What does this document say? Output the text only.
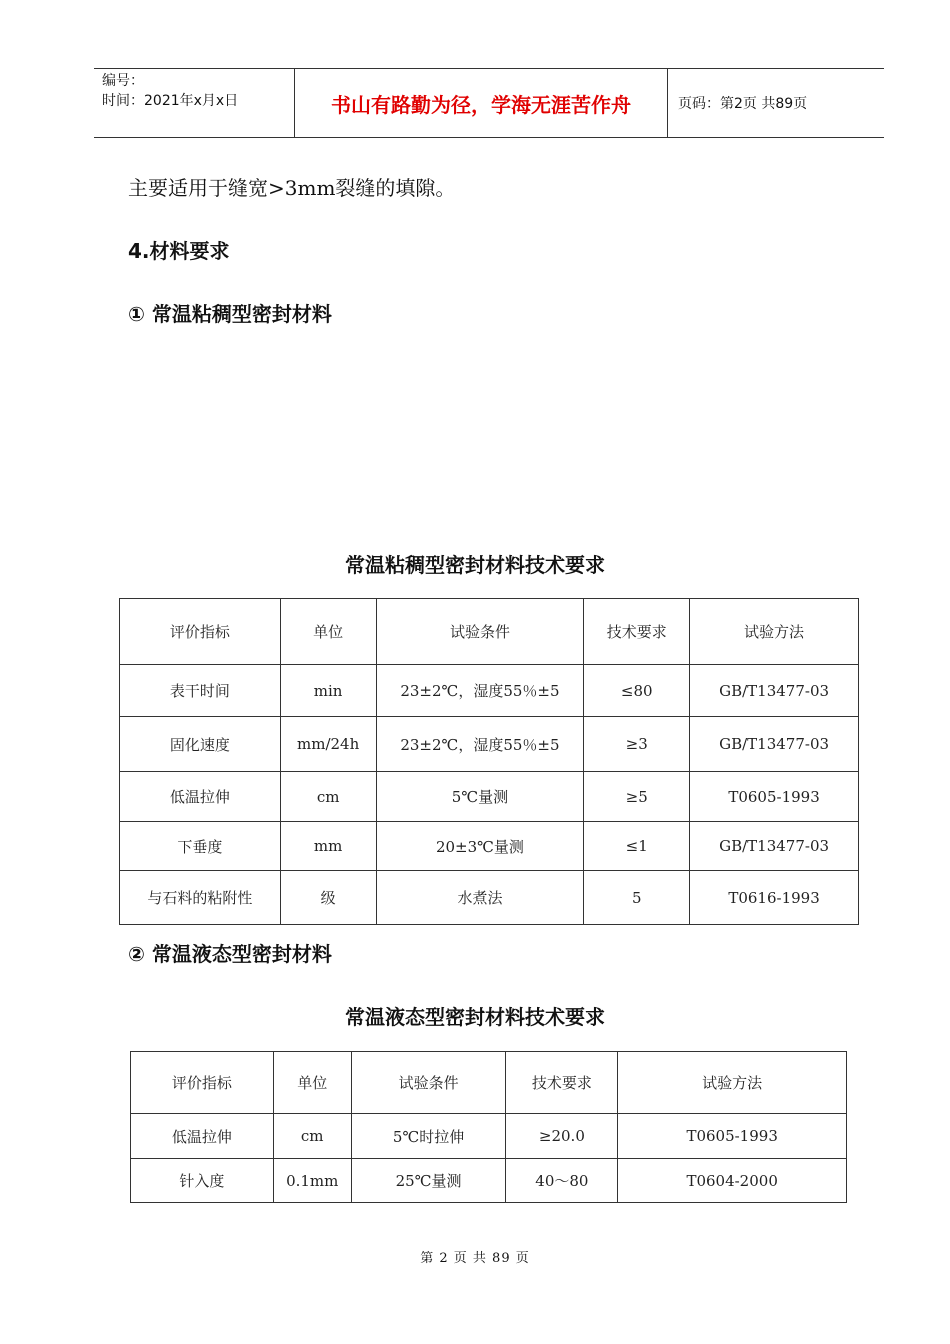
编号：
时间：2021年x月x日	书山有路勤为径，学海无涯苦作舟	页码：第2页 共89页
主要适用于缝宽>3mm裂缝的填隙。
4.材料要求
① 常温粘稠型密封材料
常温粘稠型密封材料技术要求
评价指标	单位	试验条件	技术要求	试验方法
表干时间	min	23±2℃，湿度55％±5	≤80	GB/T13477-03
固化速度	mm/24h	23±2℃，湿度55％±5	≥3	GB/T13477-03
低温拉伸	cm	5℃量测	≥5	T0605-1993
下垂度	mm	20±3℃量测	≤1	GB/T13477-03
与石料的粘附性	级	水煮法	5	T0616-1993
② 常温液态型密封材料
常温液态型密封材料技术要求
评价指标	单位	试验条件	技术要求	试验方法
低温拉伸	cm	5℃时拉伸	≥20.0	T0605-1993
针入度	0.1mm	25℃量测	40～80	T0604-2000
第 2 页 共 89 页
